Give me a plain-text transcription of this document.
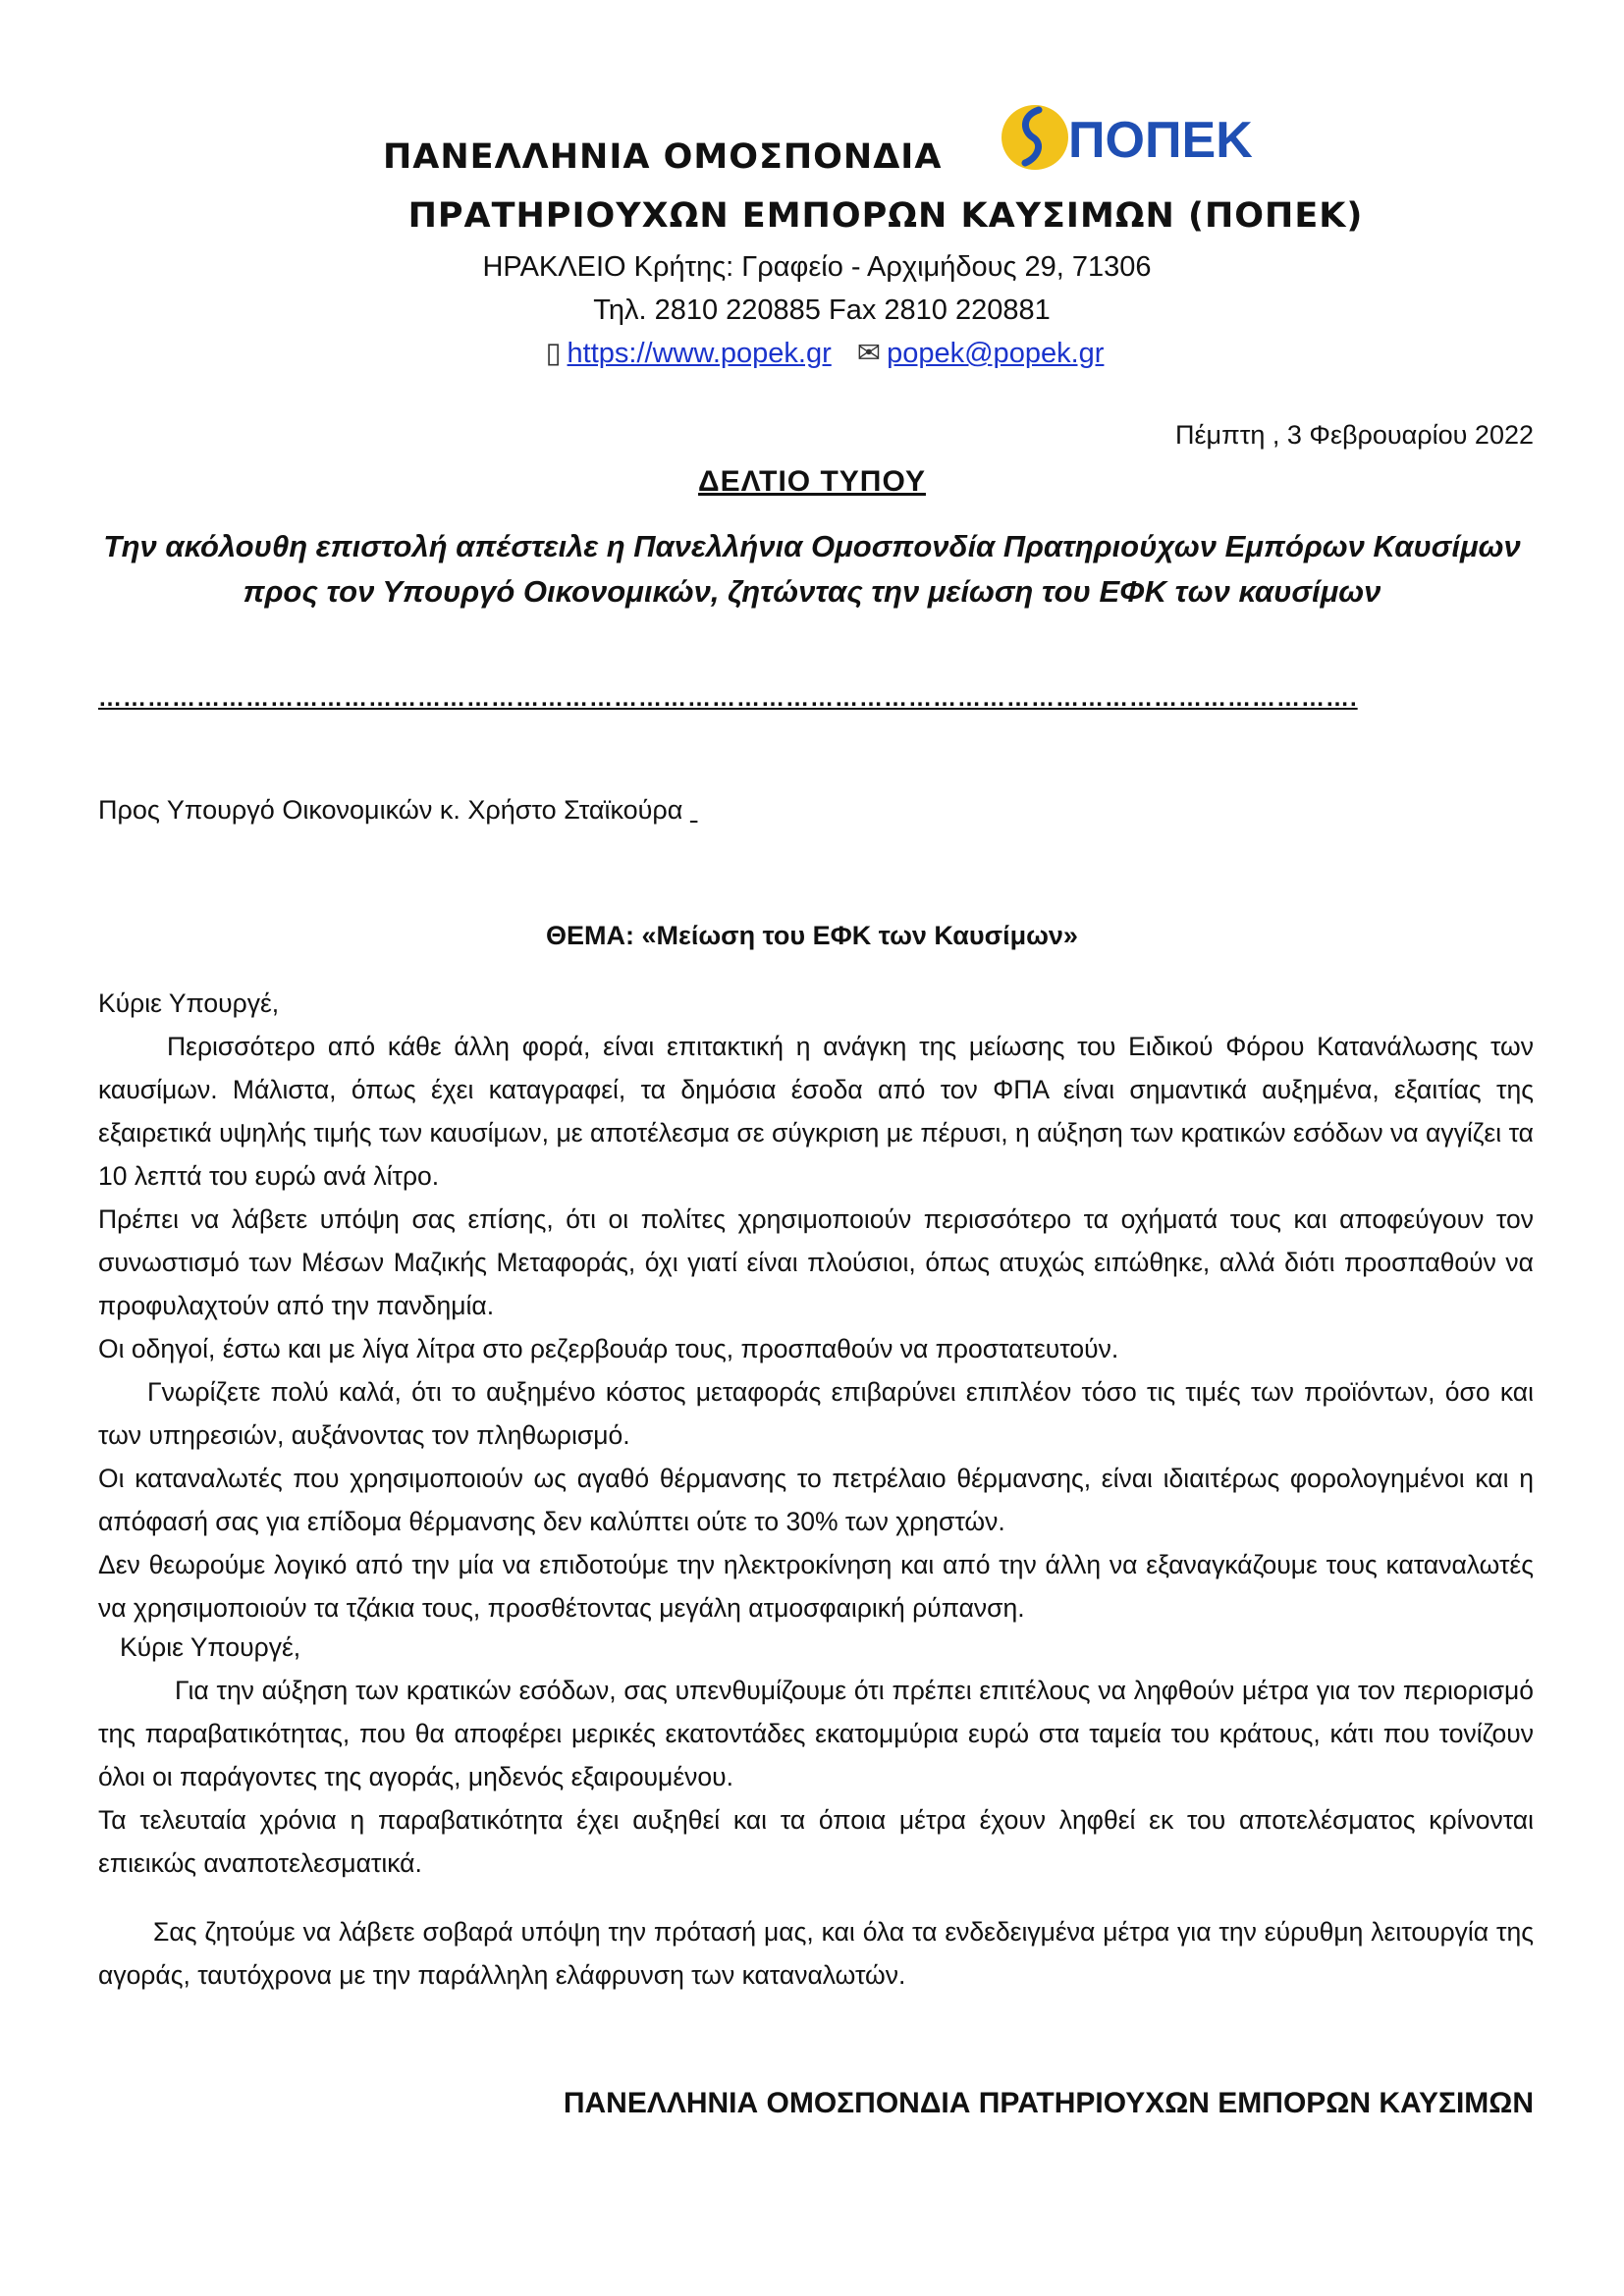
ΠΑΝΕΛΛΗΝΙΑ ΟΜΟΣΠΟΝΔΙΑ ΠΟΠΕΚ
ΠΡΑΤΗΡΙΟΥΧΩΝ ΕΜΠΟΡΩΝ ΚΑΥΣΙΜΩΝ (ΠΟΠΕΚ)
ΗΡΑΚΛΕΙΟ Κρήτης: Γραφείο - Αρχιμήδους 29, 71306
Τηλ. 2810 220885 Fax 2810 220881
▯ https://www.popek.gr ✉ popek@popek.gr
Πέμπτη , 3 Φεβρουαρίου 2022
ΔΕΛΤΙΟ ΤΥΠΟΥ
Την ακόλουθη επιστολή απέστειλε η Πανελλήνια Ομοσπονδία Πρατηριούχων Εμπόρων Καυσίμων προς τον Υπουργό Οικονομικών, ζητώντας την μείωση του ΕΦΚ των καυσίμων
……………………………………………………………………………………………………………………………………….
Προς Υπουργό Οικονομικών κ. Χρήστο Σταϊκούρα
ΘΕΜΑ: «Μείωση του ΕΦΚ των Καυσίμων»

Κύριε Υπουργέ,

Περισσότερο από κάθε άλλη φορά, είναι επιτακτική η ανάγκη της μείωσης του Ειδικού Φόρου Κατανάλωσης των καυσίμων. Μάλιστα, όπως έχει καταγραφεί, τα δημόσια έσοδα από τον ΦΠΑ είναι σημαντικά αυξημένα, εξαιτίας της εξαιρετικά υψηλής τιμής των καυσίμων, με αποτέλεσμα σε σύγκριση με πέρυσι, η αύξηση των κρατικών εσόδων να αγγίζει τα 10 λεπτά του ευρώ ανά λίτρο.

Πρέπει να λάβετε υπόψη σας επίσης, ότι οι πολίτες χρησιμοποιούν περισσότερο τα οχήματά τους και αποφεύγουν τον συνωστισμό των Μέσων Μαζικής Μεταφοράς, όχι γιατί είναι πλούσιοι, όπως ατυχώς ειπώθηκε, αλλά διότι προσπαθούν να προφυλαχτούν από την πανδημία.

Οι οδηγοί, έστω και με λίγα λίτρα στο ρεζερβουάρ τους, προσπαθούν να προστατευτούν.

Γνωρίζετε πολύ καλά, ότι το αυξημένο κόστος μεταφοράς επιβαρύνει επιπλέον τόσο τις τιμές των προϊόντων, όσο και των υπηρεσιών, αυξάνοντας τον πληθωρισμό.

Οι καταναλωτές που χρησιμοποιούν ως αγαθό θέρμανσης το πετρέλαιο θέρμανσης, είναι ιδιαιτέρως φορολογημένοι και η απόφασή σας για επίδομα θέρμανσης δεν καλύπτει ούτε το 30% των χρηστών.

Δεν θεωρούμε λογικό από την μία να επιδοτούμε την ηλεκτροκίνηση και από την άλλη να εξαναγκάζουμε τους καταναλωτές να χρησιμοποιούν τα τζάκια τους, προσθέτοντας μεγάλη ατμοσφαιρική ρύπανση.

Κύριε Υπουργέ,

Για την αύξηση των κρατικών εσόδων, σας υπενθυμίζουμε ότι πρέπει επιτέλους να ληφθούν μέτρα για τον περιορισμό της παραβατικότητας, που θα αποφέρει μερικές εκατοντάδες εκατομμύρια ευρώ στα ταμεία του κράτους, κάτι που τονίζουν όλοι οι παράγοντες της αγοράς, μηδενός εξαιρουμένου.

Τα τελευταία χρόνια η παραβατικότητα έχει αυξηθεί και τα όποια μέτρα έχουν ληφθεί εκ του αποτελέσματος κρίνονται επιεικώς αναποτελεσματικά.

Σας ζητούμε να λάβετε σοβαρά υπόψη την πρότασή μας, και όλα τα ενδεδειγμένα μέτρα για την εύρυθμη λειτουργία της αγοράς, ταυτόχρονα με την παράλληλη ελάφρυνση των καταναλωτών.

ΠΑΝΕΛΛΗΝΙΑ ΟΜΟΣΠΟΝΔΙΑ ΠΡΑΤΗΡΙΟΥΧΩΝ ΕΜΠΟΡΩΝ ΚΑΥΣΙΜΩΝ
